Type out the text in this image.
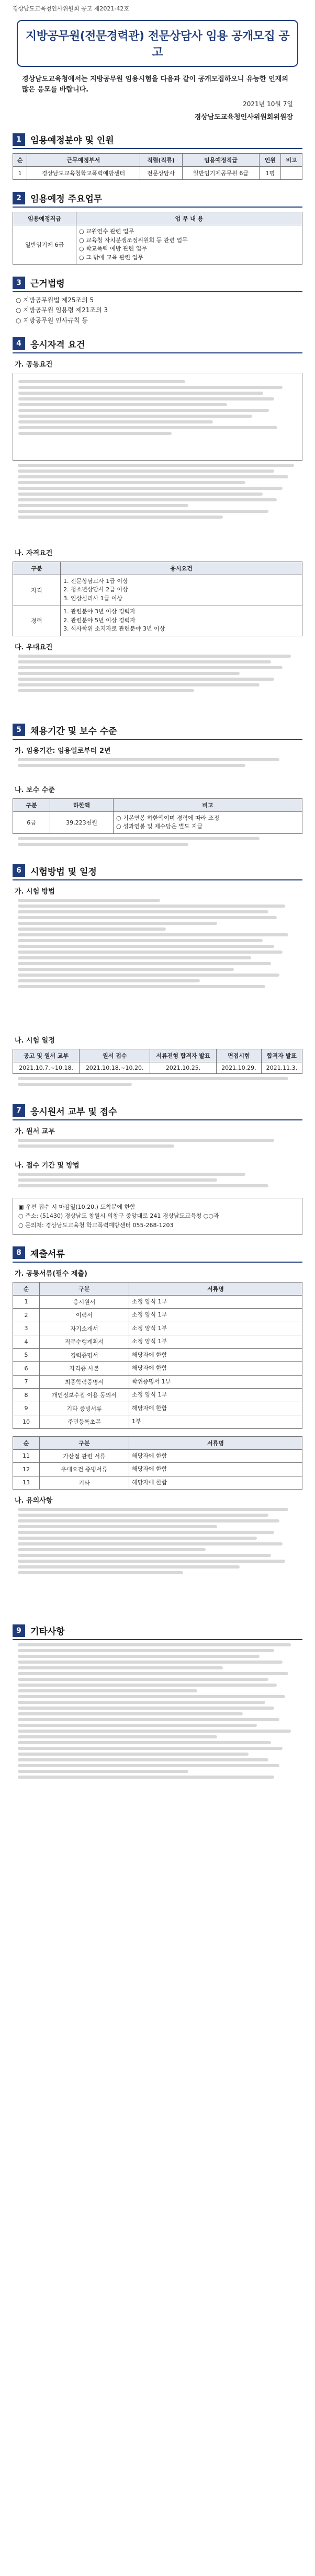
경상남도교육청인사위원회 공고 제2021-42호
지방공무원(전문경력관) 전문상담사 임용 공개모집 공고
경상남도교육청에서는 지방공무원 임용시험을 다음과 같이 공개모집하오니 유능한 인재의 많은 응모를 바랍니다.
2021년 10월 7일
경상남도교육청인사위원회위원장
1	임용예정분야 및 인원
순	근무예정부서	직렬(직류)	임용예정직급	인원	비고
1	경상남도교육청학교폭력예방센터	전문상담사	일반임기제공무원 6급	1명	
2	임용예정 주요업무
임용예정직급	업 무 내 용
일반임기제 6급	○ 교원연수 관련 업무
○ 교육청 자치분쟁조정위원회 등 관련 업무
○ 학교폭력 예방 관련 업무
○ 그 밖에 교육 관련 업무
3	근거법령
○ 지방공무원법 제25조의 5
○ 지방공무원 임용령 제21조의 3
○ 지방공무원 인사규칙 등
4	응시자격 요건
가. 공통요건
나. 자격요건
구분	응시요건
자격	1. 전문상담교사 1급 이상
2. 청소년상담사 2급 이상
3. 임상심리사 1급 이상
경력	1. 관련분야 3년 이상 경력자
2. 관련분야 5년 이상 경력자
3. 석사학위 소지자로 관련분야 3년 이상
다. 우대요건
5	채용기간 및 보수 수준
가. 임용기간: 임용일로부터 2년
나. 보수 수준
구분	하한액	비고
6급	39,223천원	○ 기본연봉 하한액이며 경력에 따라 조정
○ 성과연봉 및 제수당은 별도 지급
6	시험방법 및 일정
가. 시험 방법
나. 시험 일정
공고 및 원서 교부	원서 접수	서류전형 합격자 발표	면접시험	합격자 발표
2021.10.7.~10.18.	2021.10.18.~10.20.	2021.10.25.	2021.10.29.	2021.11.3.
7	응시원서 교부 및 접수
가. 원서 교부
나. 접수 기간 및 방법
▣ 우편 접수 시 마감일(10.20.) 도착분에 한함
○ 주소: (51430) 경상남도 창원시 의창구 중앙대로 241 경상남도교육청 ○○과
○ 문의처: 경상남도교육청 학교폭력예방센터 055-268-1203
8	제출서류
가. 공통서류(필수 제출)
순	구분	서류명
1	응시원서	소정 양식 1부
2	이력서	소정 양식 1부
3	자기소개서	소정 양식 1부
4	직무수행계획서	소정 양식 1부
5	경력증명서	해당자에 한함
6	자격증 사본	해당자에 한함
7	최종학력증명서	학위증명서 1부
8	개인정보수집·이용 동의서	소정 양식 1부
9	기타 증빙서류	해당자에 한함
10	주민등록초본	1부
순	구분	서류명
11	가산점 관련 서류	해당자에 한함
12	우대요건 증빙서류	해당자에 한함
13	기타	해당자에 한함
나. 유의사항
9	기타사항
